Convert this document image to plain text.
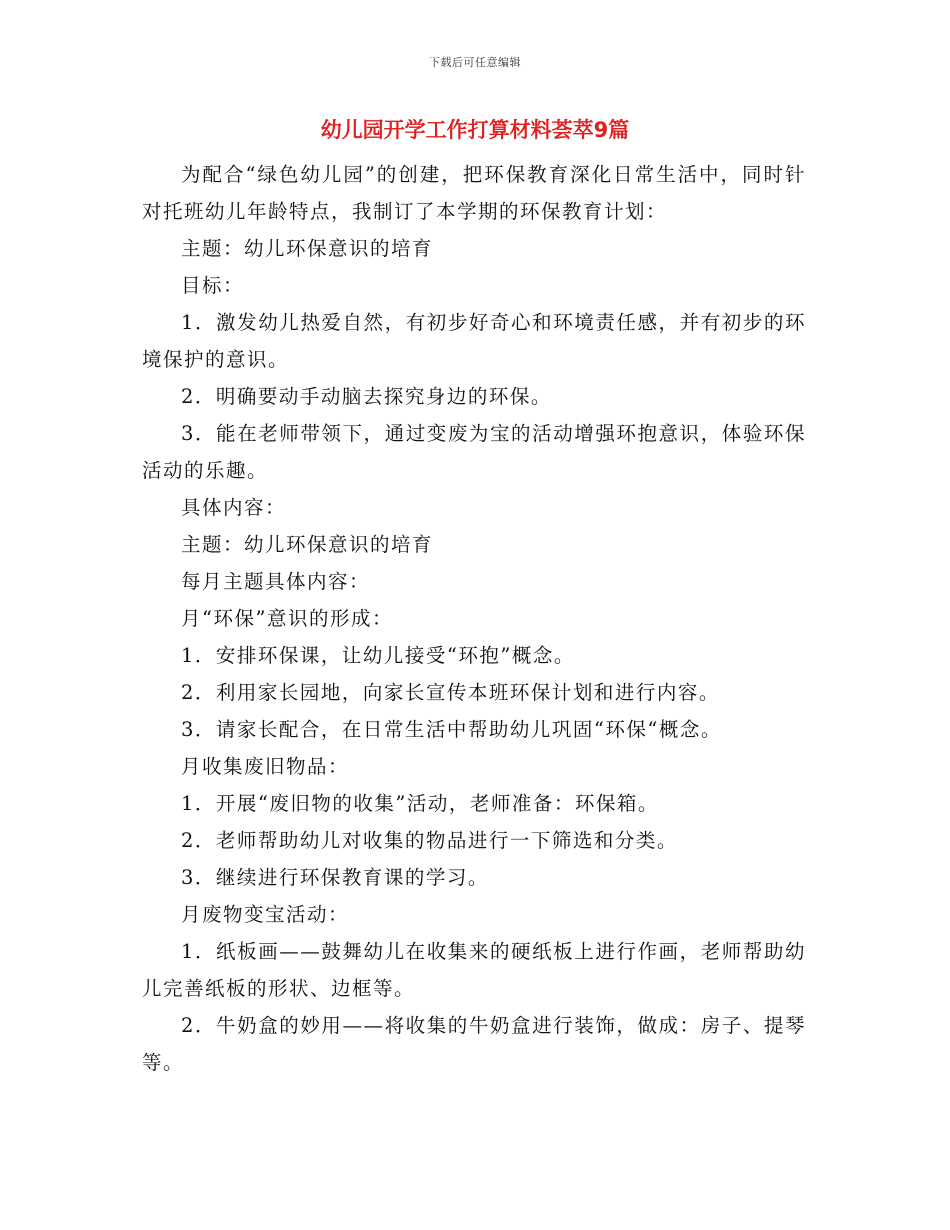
下载后可任意编辑
幼儿园开学工作打算材料荟萃9篇

为配合“绿色幼儿园”的创建，把环保教育深化日常生活中，同时针对托班幼儿年龄特点，我制订了本学期的环保教育计划：

主题：幼儿环保意识的培育

目标：

1．激发幼儿热爱自然，有初步好奇心和环境责任感，并有初步的环境保护的意识。

2．明确要动手动脑去探究身边的环保。

3．能在老师带领下，通过变废为宝的活动增强环抱意识，体验环保活动的乐趣。

具体内容：

主题：幼儿环保意识的培育

每月主题具体内容：

月“环保”意识的形成：

1．安排环保课，让幼儿接受“环抱”概念。

2．利用家长园地，向家长宣传本班环保计划和进行内容。

3．请家长配合，在日常生活中帮助幼儿巩固“环保“概念。

月收集废旧物品：

1．开展“废旧物的收集”活动，老师准备：环保箱。

2．老师帮助幼儿对收集的物品进行一下筛选和分类。

3．继续进行环保教育课的学习。

月废物变宝活动：

1．纸板画——鼓舞幼儿在收集来的硬纸板上进行作画，老师帮助幼儿完善纸板的形状、边框等。

2．牛奶盒的妙用——将收集的牛奶盒进行装饰，做成：房子、提琴等。
